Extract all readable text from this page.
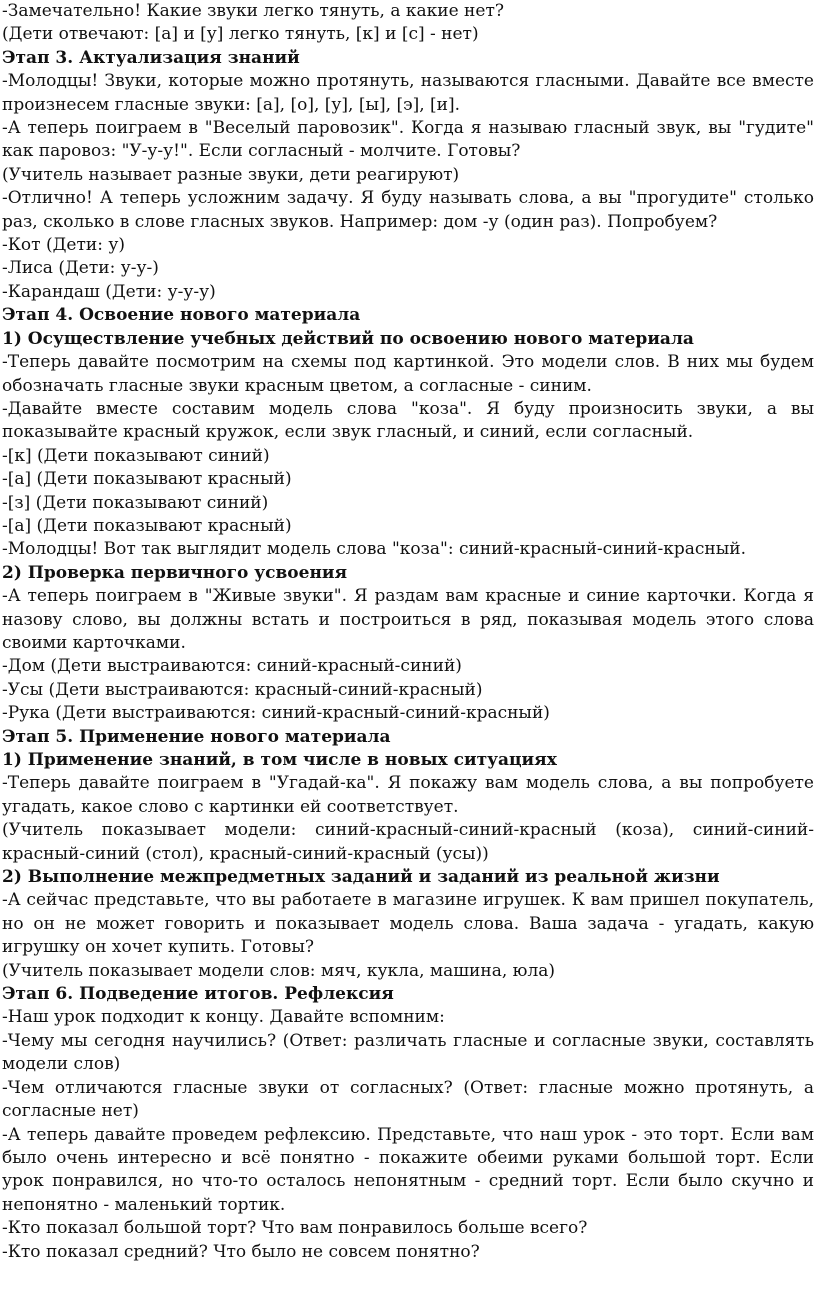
-Замечательно! Какие звуки легко тянуть, а какие нет?

(Дети отвечают: [а] и [у] легко тянуть, [к] и [с] - нет)

Этап 3. Актуализация знаний

-Молодцы! Звуки, которые можно протянуть, называются гласными. Давайте все вместе произнесем гласные звуки: [а], [о], [у], [ы], [э], [и].

-А теперь поиграем в "Веселый паровозик". Когда я называю гласный звук, вы "гудите" как паровоз: "У-у-у!". Если согласный - молчите. Готовы?

(Учитель называет разные звуки, дети реагируют)

-Отлично! А теперь усложним задачу. Я буду называть слова, а вы "прогудите" столько раз, сколько в слове гласных звуков. Например: дом -у (один раз). Попробуем?

-Кот (Дети: у)

-Лиса (Дети: у-у-)

-Карандаш (Дети: у-у-у)

Этап 4. Освоение нового материала

1) Осуществление учебных действий по освоению нового материала

-Теперь давайте посмотрим на схемы под картинкой. Это модели слов. В них мы будем обозначать гласные звуки красным цветом, а согласные - синим.

-Давайте вместе составим модель слова "коза". Я буду произносить звуки, а вы показывайте красный кружок, если звук гласный, и синий, если согласный.

-[к] (Дети показывают синий)

-[а] (Дети показывают красный)

-[з] (Дети показывают синий)

-[а] (Дети показывают красный)

-Молодцы! Вот так выглядит модель слова "коза": синий-красный-синий-красный.

2) Проверка первичного усвоения

-А теперь поиграем в "Живые звуки". Я раздам вам красные и синие карточки. Когда я назову слово, вы должны встать и построиться в ряд, показывая модель этого слова своими карточками.

-Дом (Дети выстраиваются: синий-красный-синий)

-Усы (Дети выстраиваются: красный-синий-красный)

-Рука (Дети выстраиваются: синий-красный-синий-красный)

Этап 5. Применение нового материала

1) Применение знаний, в том числе в новых ситуациях

-Теперь давайте поиграем в "Угадай-ка". Я покажу вам модель слова, а вы попробуете угадать, какое слово с картинки ей соответствует.

(Учитель показывает модели: синий-красный-синий-красный (коза), синий-синий-красный-синий (стол), красный-синий-красный (усы))

2) Выполнение межпредметных заданий и заданий из реальной жизни

-А сейчас представьте, что вы работаете в магазине игрушек. К вам пришел покупатель, но он не может говорить и показывает модель слова. Ваша задача - угадать, какую игрушку он хочет купить. Готовы?

(Учитель показывает модели слов: мяч, кукла, машина, юла)

Этап 6. Подведение итогов. Рефлексия

-Наш урок подходит к концу. Давайте вспомним:

-Чему мы сегодня научились? (Ответ: различать гласные и согласные звуки, составлять модели слов)

-Чем отличаются гласные звуки от согласных? (Ответ: гласные можно протянуть, а согласные нет)

-А теперь давайте проведем рефлексию. Представьте, что наш урок - это торт. Если вам было очень интересно и всё понятно - покажите обеими руками большой торт. Если урок понравился, но что-то осталось непонятным - средний торт. Если было скучно и непонятно - маленький тортик.

-Кто показал большой торт? Что вам понравилось больше всего?

-Кто показал средний? Что было не совсем понятно?
